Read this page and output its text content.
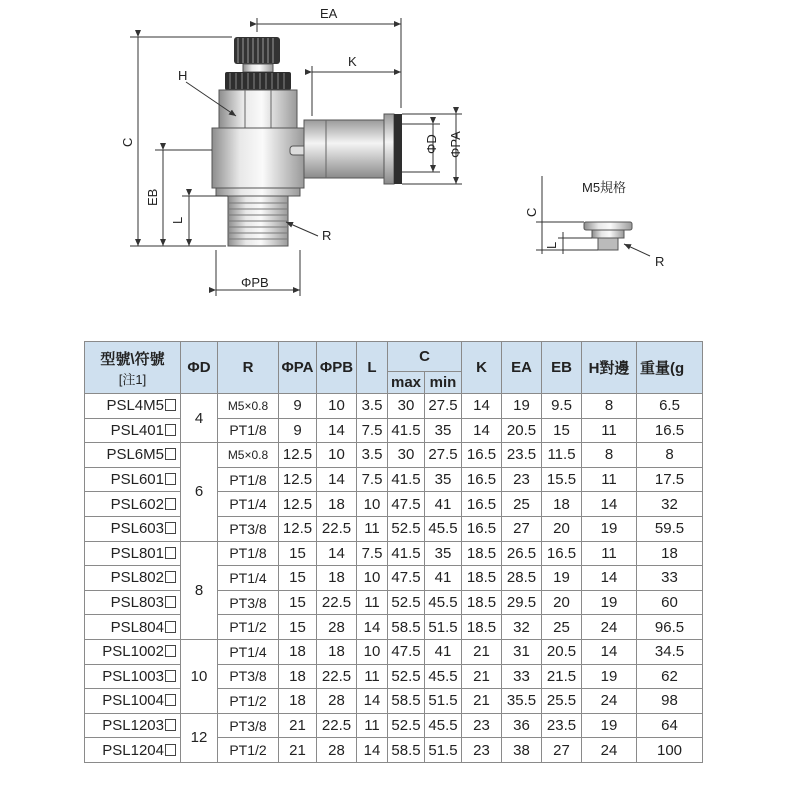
EA
K
H
C
EB
L
R
ΦPB
ΦD ΦPA
M5規格
C
L
R
型號\符號
[注1]	ΦD	R	ΦPA	ΦPB	L	C		K	EA	EB	H對邊	重量(g
						max	min					
PSL4M5	4	M5×0.8	9	10	3.5	30	27.5	14	19	9.5	8	6.5
PSL401		PT1/8	9	14	7.5	41.5	35	14	20.5	15	11	16.5
PSL6M5	6	M5×0.8	12.5	10	3.5	30	27.5	16.5	23.5	11.5	8	8
PSL601		PT1/8	12.5	14	7.5	41.5	35	16.5	23	15.5	11	17.5
PSL602		PT1/4	12.5	18	10	47.5	41	16.5	25	18	14	32
PSL603		PT3/8	12.5	22.5	11	52.5	45.5	16.5	27	20	19	59.5
PSL801	8	PT1/8	15	14	7.5	41.5	35	18.5	26.5	16.5	11	18
PSL802		PT1/4	15	18	10	47.5	41	18.5	28.5	19	14	33
PSL803		PT3/8	15	22.5	11	52.5	45.5	18.5	29.5	20	19	60
PSL804		PT1/2	15	28	14	58.5	51.5	18.5	32	25	24	96.5
PSL1002	10	PT1/4	18	18	10	47.5	41	21	31	20.5	14	34.5
PSL1003		PT3/8	18	22.5	11	52.5	45.5	21	33	21.5	19	62
PSL1004		PT1/2	18	28	14	58.5	51.5	21	35.5	25.5	24	98
PSL1203	12	PT3/8	21	22.5	11	52.5	45.5	23	36	23.5	19	64
PSL1204		PT1/2	21	28	14	58.5	51.5	23	38	27	24	100
